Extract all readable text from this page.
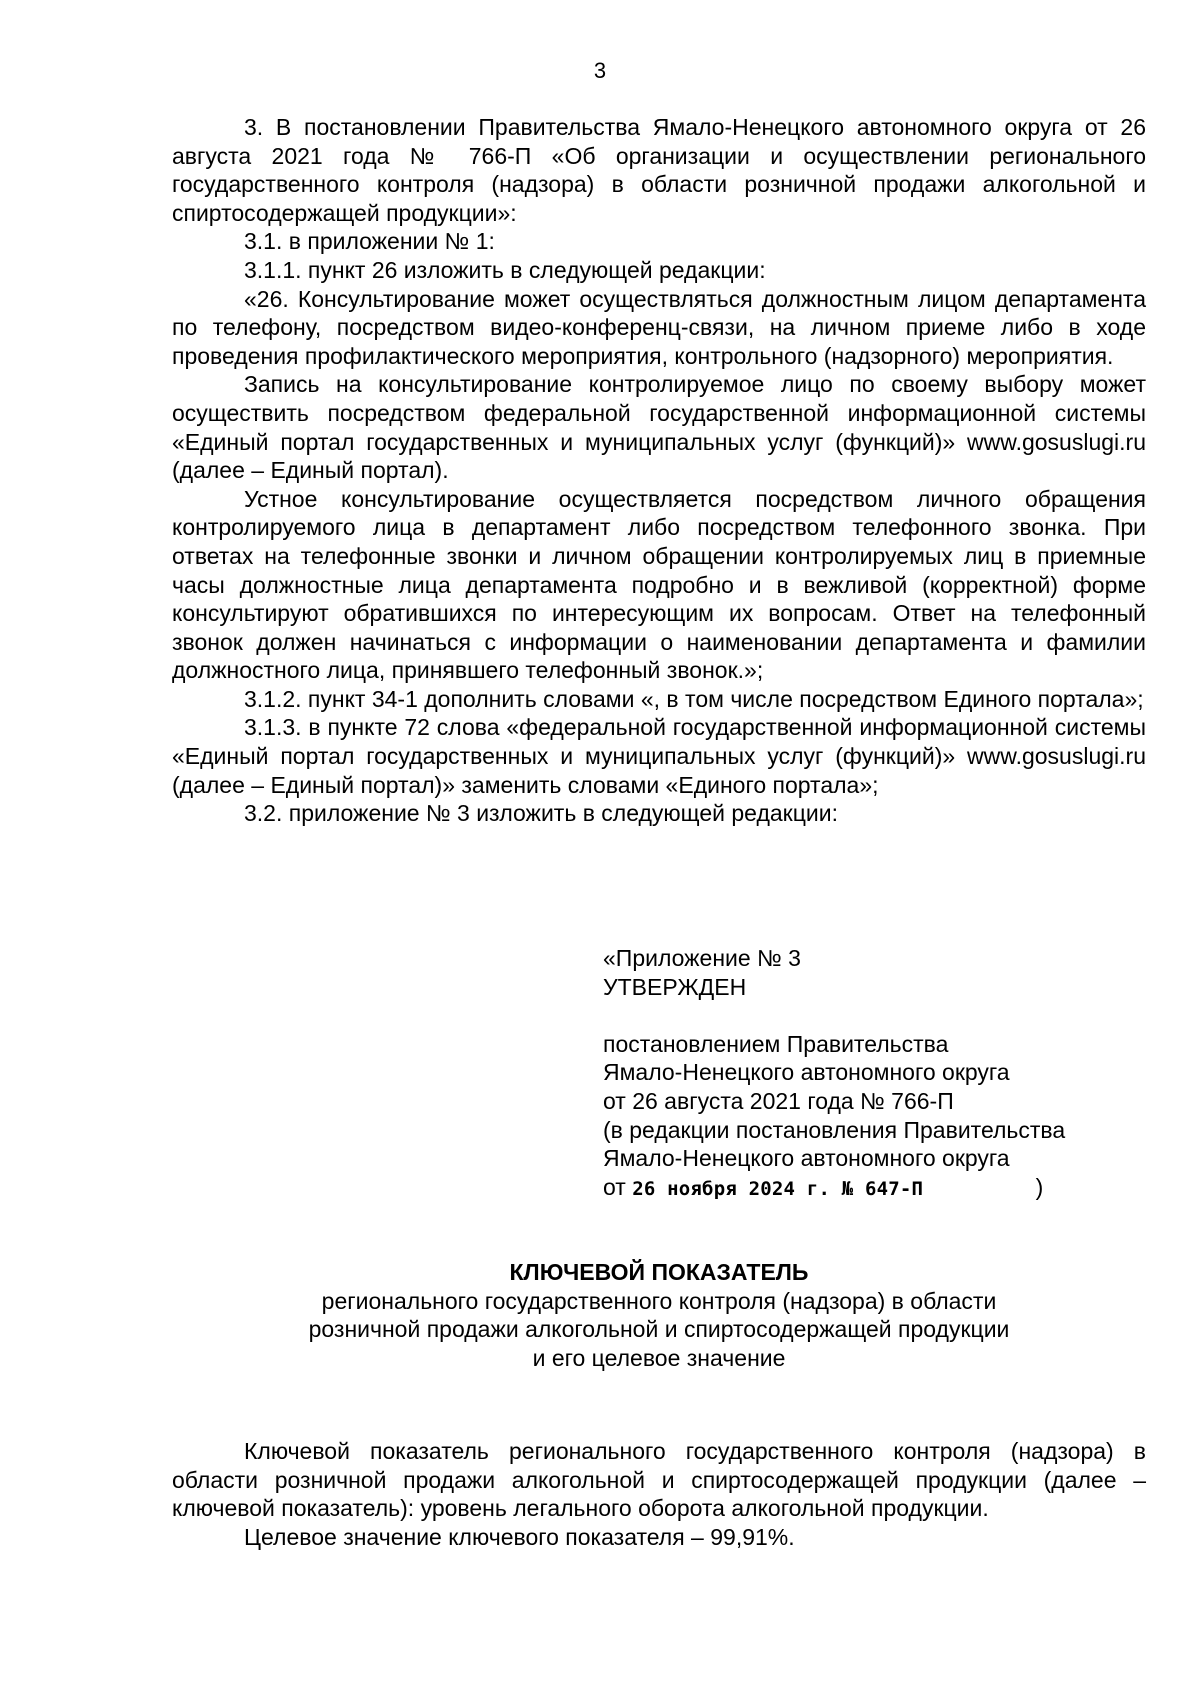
3

3. В постановлении Правительства Ямало-Ненецкого автономного округа от 26 августа 2021 года № 766-П «Об организации и осуществлении регионального государственного контроля (надзора) в области розничной продажи алкогольной и спиртосодержащей продукции»:

3.1. в приложении № 1:

3.1.1. пункт 26 изложить в следующей редакции:

«26. Консультирование может осуществляться должностным лицом департамента по телефону, посредством видео-конференц-связи, на личном приеме либо в ходе проведения профилактического мероприятия, контрольного (надзорного) мероприятия.

Запись на консультирование контролируемое лицо по своему выбору может осуществить посредством федеральной государственной информационной системы «Единый портал государственных и муниципальных услуг (функций)» www.gosuslugi.ru (далее – Единый портал).

Устное консультирование осуществляется посредством личного обращения контролируемого лица в департамент либо посредством телефонного звонка. При ответах на телефонные звонки и личном обращении контролируемых лиц в приемные часы должностные лица департамента подробно и в вежливой (корректной) форме консультируют обратившихся по интересующим их вопросам. Ответ на телефонный звонок должен начинаться с информации о наименовании департамента и фамилии должностного лица, принявшего телефонный звонок.»;

3.1.2. пункт 34-1 дополнить словами «, в том числе посредством Единого портала»;

3.1.3. в пункте 72 слова «федеральной государственной информационной системы «Единый портал государственных и муниципальных услуг (функций)» www.gosuslugi.ru (далее – Единый портал)» заменить словами «Единого портала»;

3.2. приложение № 3 изложить в следующей редакции:

«Приложение № 3
УТВЕРЖДЕН
постановлением Правительства
Ямало-Ненецкого автономного округа
от 26 августа 2021 года № 766-П
(в редакции постановления Правительства
Ямало-Ненецкого автономного округа
от 26 ноября 2024 г. № 647-П	)
КЛЮЧЕВОЙ ПОКАЗАТЕЛЬ
регионального государственного контроля (надзора) в области
розничной продажи алкогольной и спиртосодержащей продукции
и его целевое значение

Ключевой показатель регионального государственного контроля (надзора) в области розничной продажи алкогольной и спиртосодержащей продукции (далее – ключевой показатель): уровень легального оборота алкогольной продукции.

Целевое значение ключевого показателя – 99,91%.
